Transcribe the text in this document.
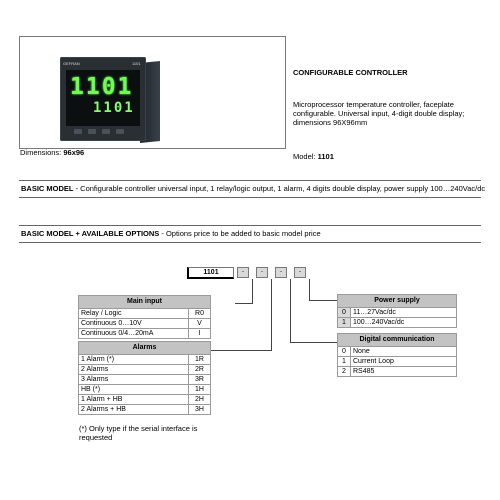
GEFRAN	1101
1101
1101
Dimensions: 96x96
CONFIGURABLE CONTROLLER
Microprocessor temperature controller, faceplate configurable. Universal input, 4-digit double display; dimensions 96X96mm
Model: 1101
BASIC MODEL - Configurable controller universal input, 1 relay/logic output, 1 alarm, 4 digits double display, power supply 100…240Vac/dc
BASIC MODEL + AVAILABLE OPTIONS - Options price to be added to basic model price
1101	-	-	-	-
Main input	
Relay / Logic	R0
Continuous 0…10V	V
Continuous 0/4…20mA	I
Alarms	
1 Alarm (*)	1R
2 Alarms	2R
3 Alarms	3R
HB (*)	1H
1 Alarm + HB	2H
2 Alarms + HB	3H
Power supply	
0	11…27Vac/dc
1	100…240Vac/dc
Digital communication	
0	None
1	Current Loop
2	RS485
(*) Only type if the serial interface is requested
